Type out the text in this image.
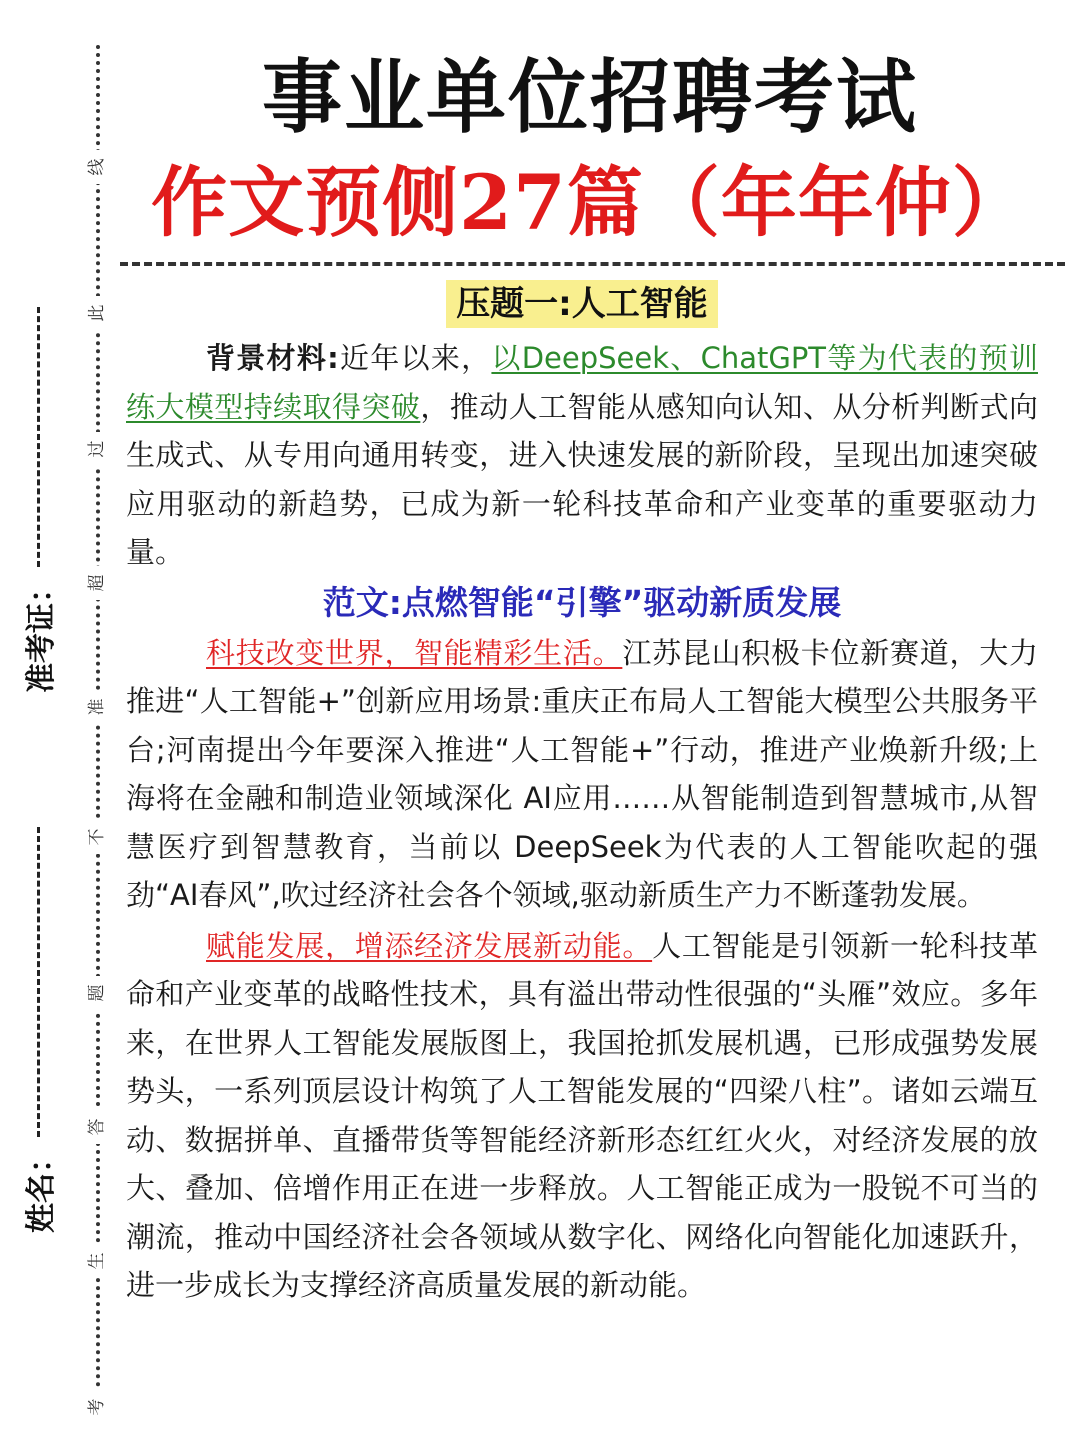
线
此
过
超
准
不
题
答
生
考
准考证：
姓名：
事业单位招聘考试
作文预侧27篇（年年仲）
压题一:人工智能

背景材料:近年以来，以DeepSeek、ChatGPT等为代表的预训练大模型持续取得突破，推动人工智能从感知向认知、从分析判断式向生成式、从专用向通用转变，进入快速发展的新阶段，呈现出加速突破应用驱动的新趋势，已成为新一轮科技革命和产业变革的重要驱动力量。

范文:点燃智能“引擎”驱动新质发展

科技改变世界，智能精彩生活。江苏昆山积极卡位新赛道，大力推进“人工智能+”创新应用场景:重庆正布局人工智能大模型公共服务平台;河南提出今年要深入推进“人工智能+”行动，推进产业焕新升级;上海将在金融和制造业领域深化 AI应用……从智能制造到智慧城市,从智慧医疗到智慧教育，当前以 DeepSeek为代表的人工智能吹起的强劲“AI春风”,吹过经济社会各个领域,驱动新质生产力不断蓬勃发展。

赋能发展，增添经济发展新动能。人工智能是引领新一轮科技革命和产业变革的战略性技术，具有溢出带动性很强的“头雁”效应。多年来，在世界人工智能发展版图上，我国抢抓发展机遇，已形成强势发展势头，一系列顶层设计构筑了人工智能发展的“四梁八柱”。诸如云端互动、数据拼单、直播带货等智能经济新形态红红火火，对经济发展的放大、叠加、倍增作用正在进一步释放。人工智能正成为一股锐不可当的潮流，推动中国经济社会各领域从数字化、网络化向智能化加速跃升，进一步成长为支撑经济高质量发展的新动能。
